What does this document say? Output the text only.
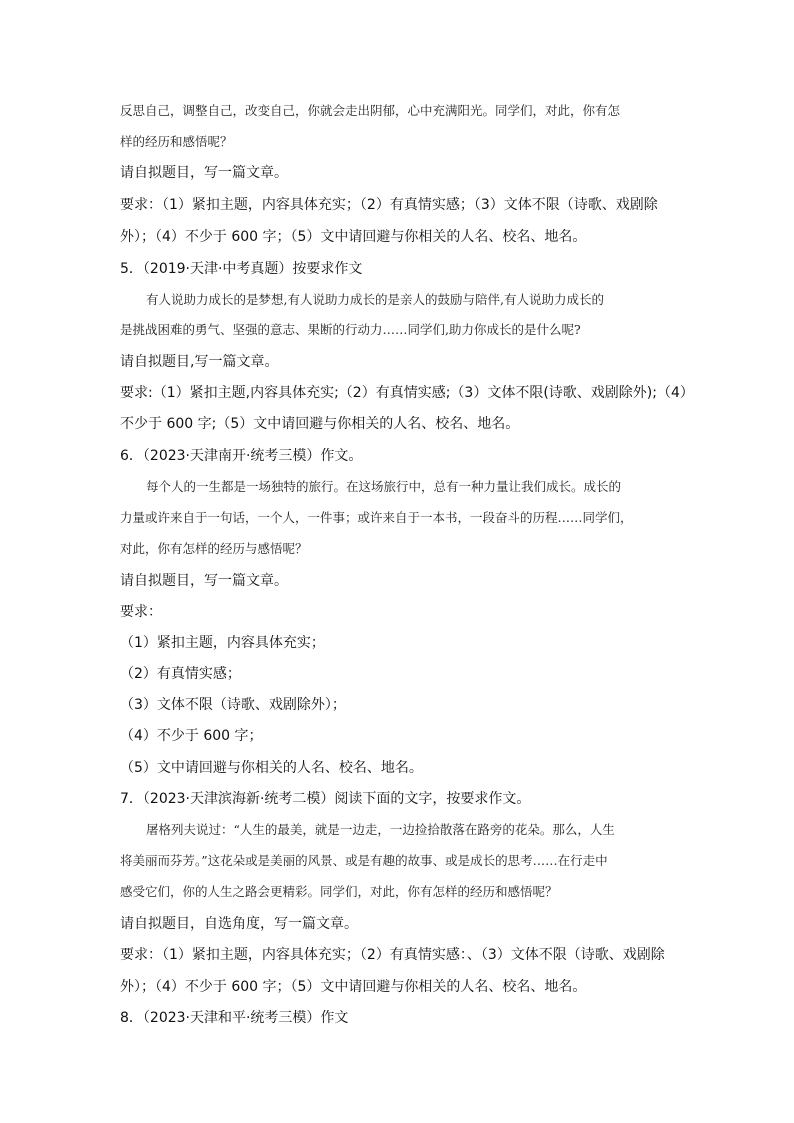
反思自己，调整自己，改变自己，你就会走出阴郁，心中充满阳光。同学们，对此，你有怎
样的经历和感悟呢？
请自拟题目，写一篇文章。
要求：（1）紧扣主题，内容具体充实；（2）有真情实感；（3）文体不限（诗歌、戏剧除
外）；（4）不少于 600 字；（5）文中请回避与你相关的人名、校名、地名。
5．（2019·天津·中考真题）按要求作文
有人说助力成长的是梦想,有人说助力成长的是亲人的鼓励与陪伴,有人说助力成长的
是挑战困难的勇气、坚强的意志、果断的行动力……同学们,助力你成长的是什么呢?
请自拟题目,写一篇文章。
要求:（1）紧扣主题,内容具体充实;（2）有真情实感;（3）文体不限(诗歌、戏剧除外);（4）
不少于 600 字;（5）文中请回避与你相关的人名、校名、地名。
6．（2023·天津南开·统考三模）作文。
每个人的一生都是一场独特的旅行。在这场旅行中，总有一种力量让我们成长。成长的
力量或许来自于一句话，一个人，一件事；或许来自于一本书，一段奋斗的历程……同学们，
对此，你有怎样的经历与感悟呢？
请自拟题目，写一篇文章。
要求：
（1）紧扣主题，内容具体充实；
（2）有真情实感；
（3）文体不限（诗歌、戏剧除外）；
（4）不少于 600 字；
（5）文中请回避与你相关的人名、校名、地名。
7．（2023·天津滨海新·统考二模）阅读下面的文字，按要求作文。
屠格列夫说过：“人生的最美，就是一边走，一边捡拾散落在路旁的花朵。那么，人生
将美丽而芬芳。”这花朵或是美丽的风景、或是有趣的故事、或是成长的思考……在行走中
感受它们，你的人生之路会更精彩。同学们，对此，你有怎样的经历和感悟呢？
请自拟题目，自选角度，写一篇文章。
要求：（1）紧扣主题，内容具体充实；（2）有真情实感：、（3）文体不限（诗歌、戏剧除
外）；（4）不少于 600 字；（5）文中请回避与你相关的人名、校名、地名。
8．（2023·天津和平·统考三模）作文
